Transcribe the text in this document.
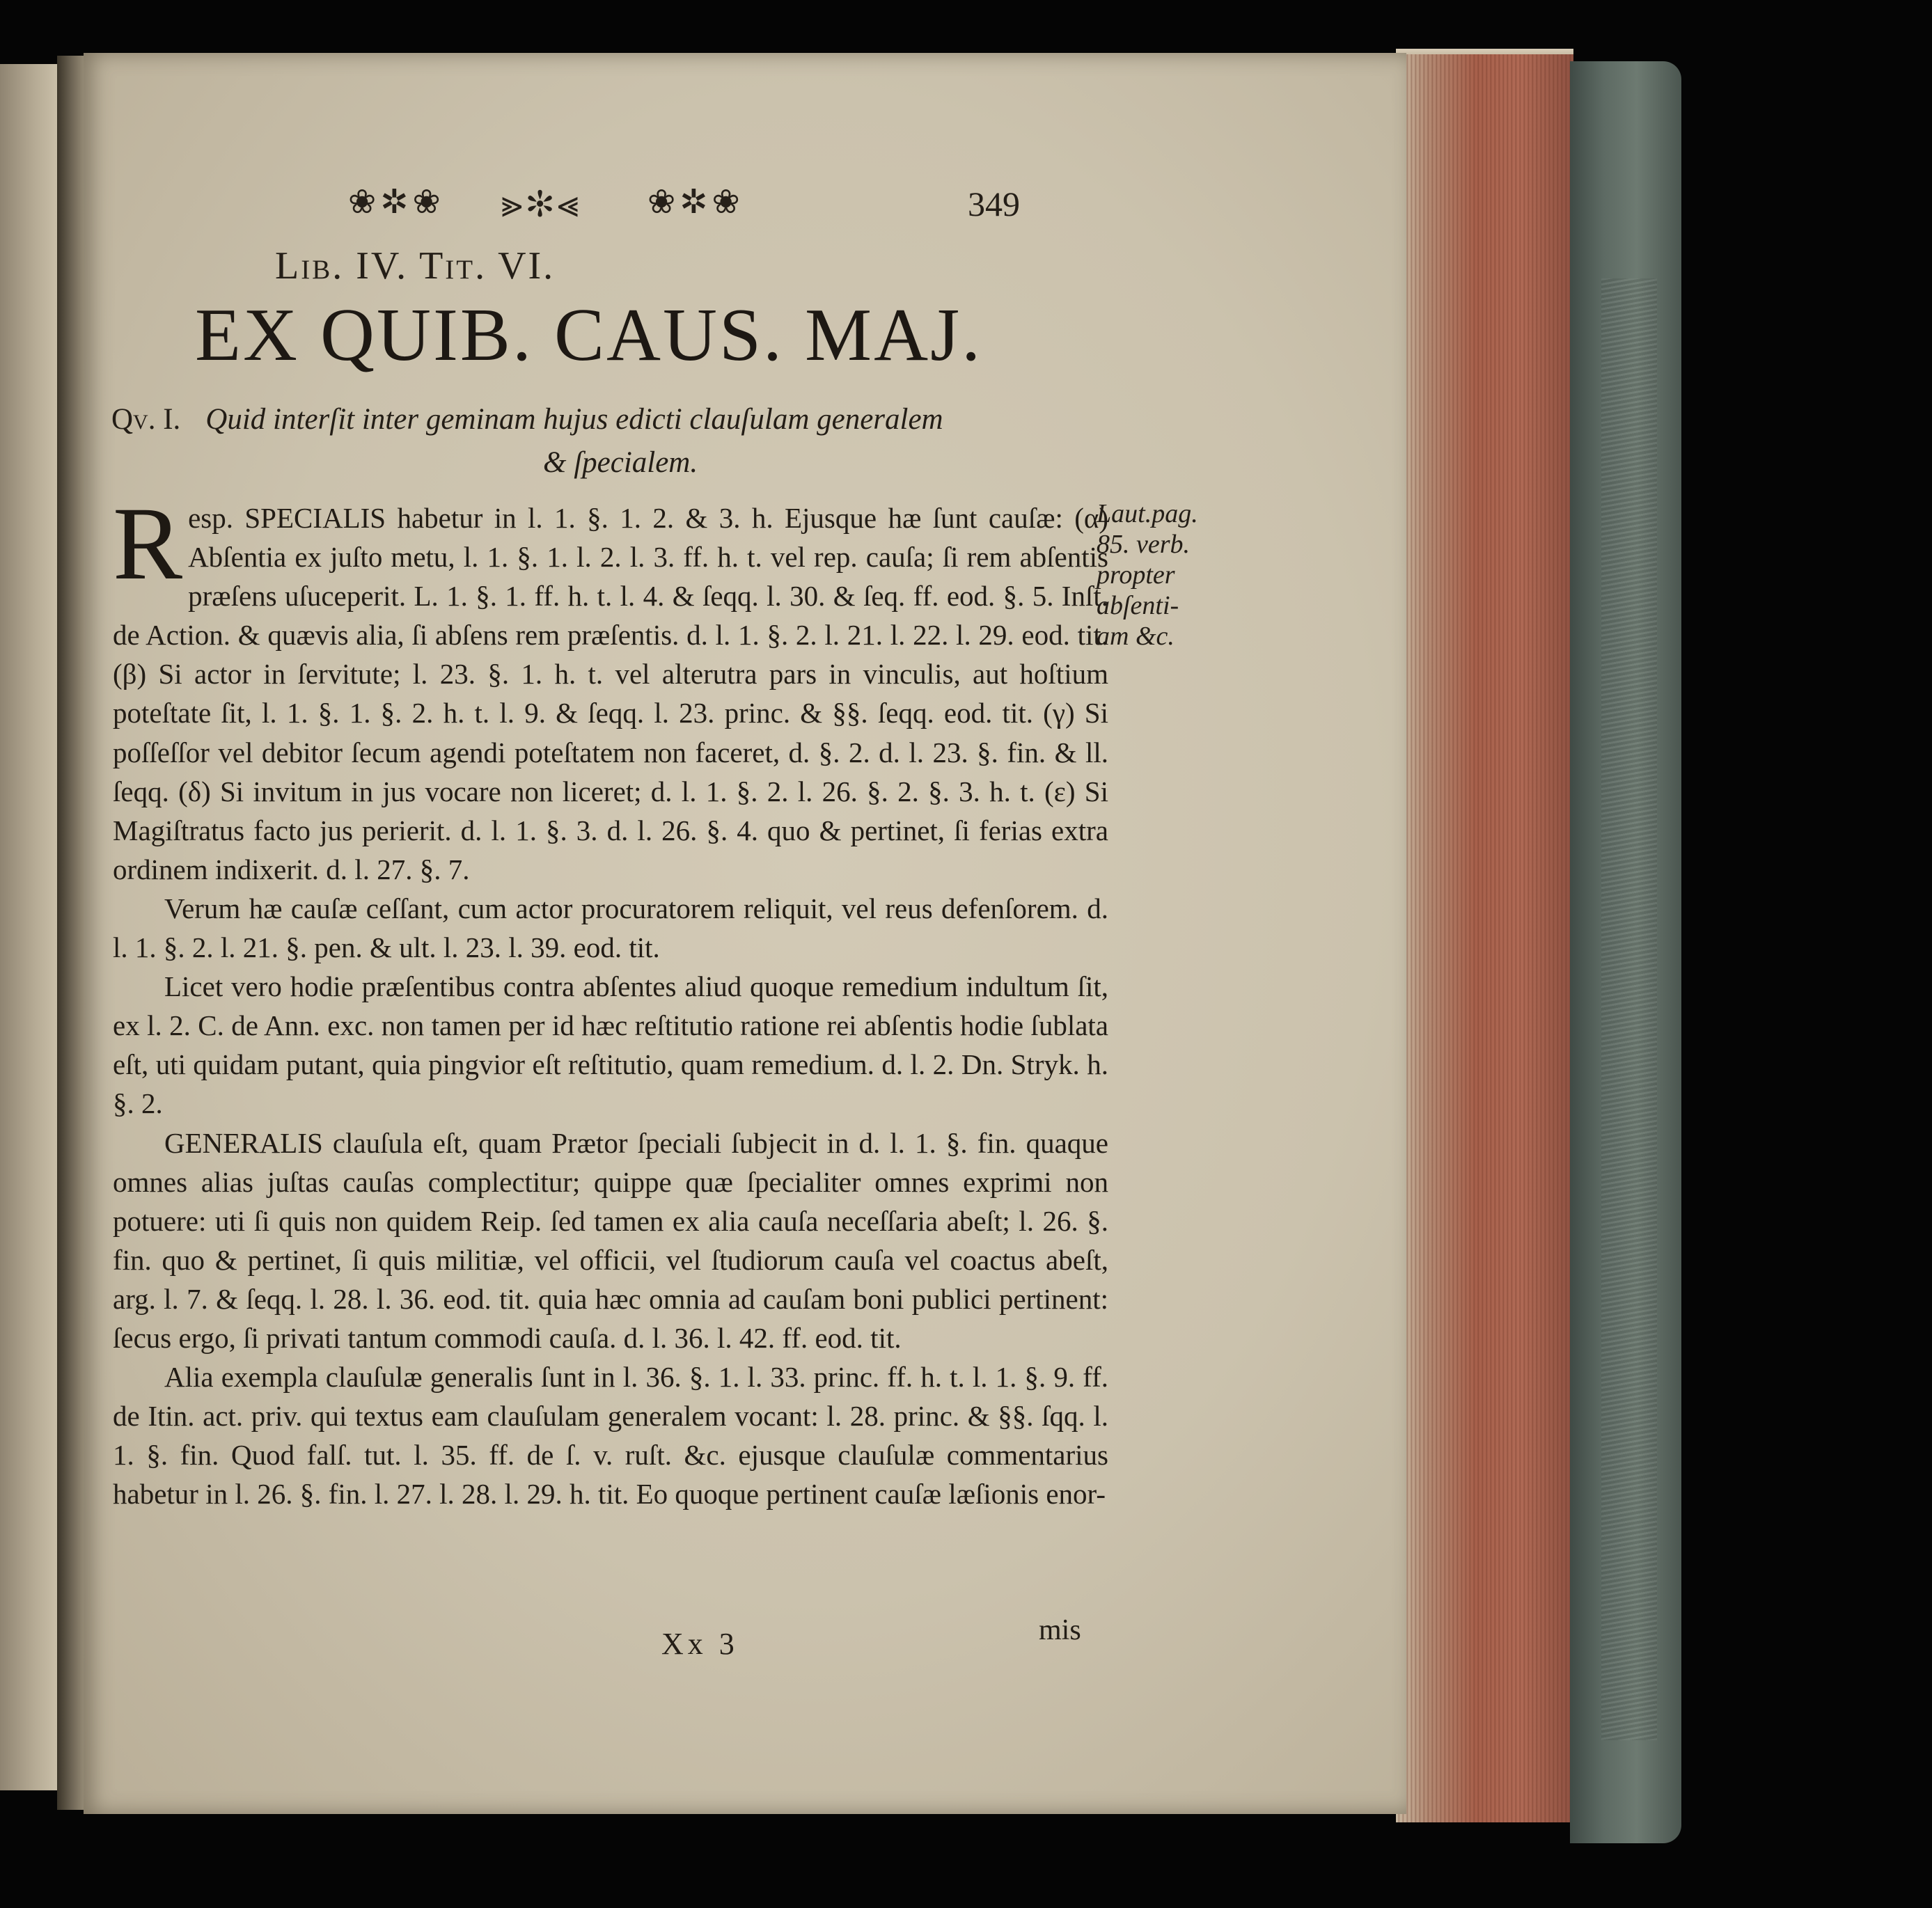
❀✲❀ ⪢✻⪡ ❀✲❀	349
Lib. IV. Tit. VI.
EX QUIB. CAUS. MAJ.
Qv. I. Quid interſit inter geminam hujus edicti clauſulam generalem
& ſpecialem.
Laut.pag.
85. verb.
propter
abſenti-
am &c.

Resp. SPECIALIS habetur in l. 1. §. 1. 2. & 3. h. Ejusque hæ ſunt cauſæ: (α) Abſentia ex juſto metu, l. 1. §. 1. l. 2. l. 3. ff. h. t. vel rep. cauſa; ſi rem abſentis præſens uſuceperit. L. 1. §. 1. ff. h. t. l. 4. & ſeqq. l. 30. & ſeq. ff. eod. §. 5. Inſt. de Action. & quævis alia, ſi abſens rem præſentis. d. l. 1. §. 2. l. 21. l. 22. l. 29. eod. tit. (β) Si actor in ſervitute; l. 23. §. 1. h. t. vel alterutra pars in vinculis, aut hoſtium poteſtate ſit, l. 1. §. 1. §. 2. h. t. l. 9. & ſeqq. l. 23. princ. & §§. ſeqq. eod. tit. (γ) Si poſſeſſor vel debitor ſecum agendi poteſtatem non faceret, d. §. 2. d. l. 23. §. fin. & ll. ſeqq. (δ) Si invitum in jus vocare non liceret; d. l. 1. §. 2. l. 26. §. 2. §. 3. h. t. (ε) Si Magiſtratus facto jus perierit. d. l. 1. §. 3. d. l. 26. §. 4. quo & pertinet, ſi ferias extra ordinem indixerit. d. l. 27. §. 7.

Verum hæ cauſæ ceſſant, cum actor procuratorem reliquit, vel reus defenſorem. d. l. 1. §. 2. l. 21. §. pen. & ult. l. 23. l. 39. eod. tit.

Licet vero hodie præſentibus contra abſentes aliud quoque remedium indultum ſit, ex l. 2. C. de Ann. exc. non tamen per id hæc reſtitutio ratione rei abſentis hodie ſublata eſt, uti quidam putant, quia pingvior eſt reſtitutio, quam remedium. d. l. 2. Dn. Stryk. h. §. 2.

GENERALIS clauſula eſt, quam Prætor ſpeciali ſubjecit in d. l. 1. §. fin. quaque omnes alias juſtas cauſas complectitur; quippe quæ ſpecialiter omnes exprimi non potuere: uti ſi quis non quidem Reip. ſed tamen ex alia cauſa neceſſaria abeſt; l. 26. §. fin. quo & pertinet, ſi quis militiæ, vel officii, vel ſtudiorum cauſa vel coactus abeſt, arg. l. 7. & ſeqq. l. 28. l. 36. eod. tit. quia hæc omnia ad cauſam boni publici pertinent: ſecus ergo, ſi privati tantum commodi cauſa. d. l. 36. l. 42. ff. eod. tit.

Alia exempla clauſulæ generalis ſunt in l. 36. §. 1. l. 33. princ. ff. h. t. l. 1. §. 9. ff. de Itin. act. priv. qui textus eam clauſulam generalem vocant: l. 28. princ. & §§. ſqq. l. 1. §. fin. Quod falſ. tut. l. 35. ff. de ſ. v. ruſt. &c. ejusque clauſulæ commentarius habetur in l. 26. §. fin. l. 27. l. 28. l. 29. h. tit. Eo quoque pertinent cauſæ læſionis enor-

Xx 3	mis
